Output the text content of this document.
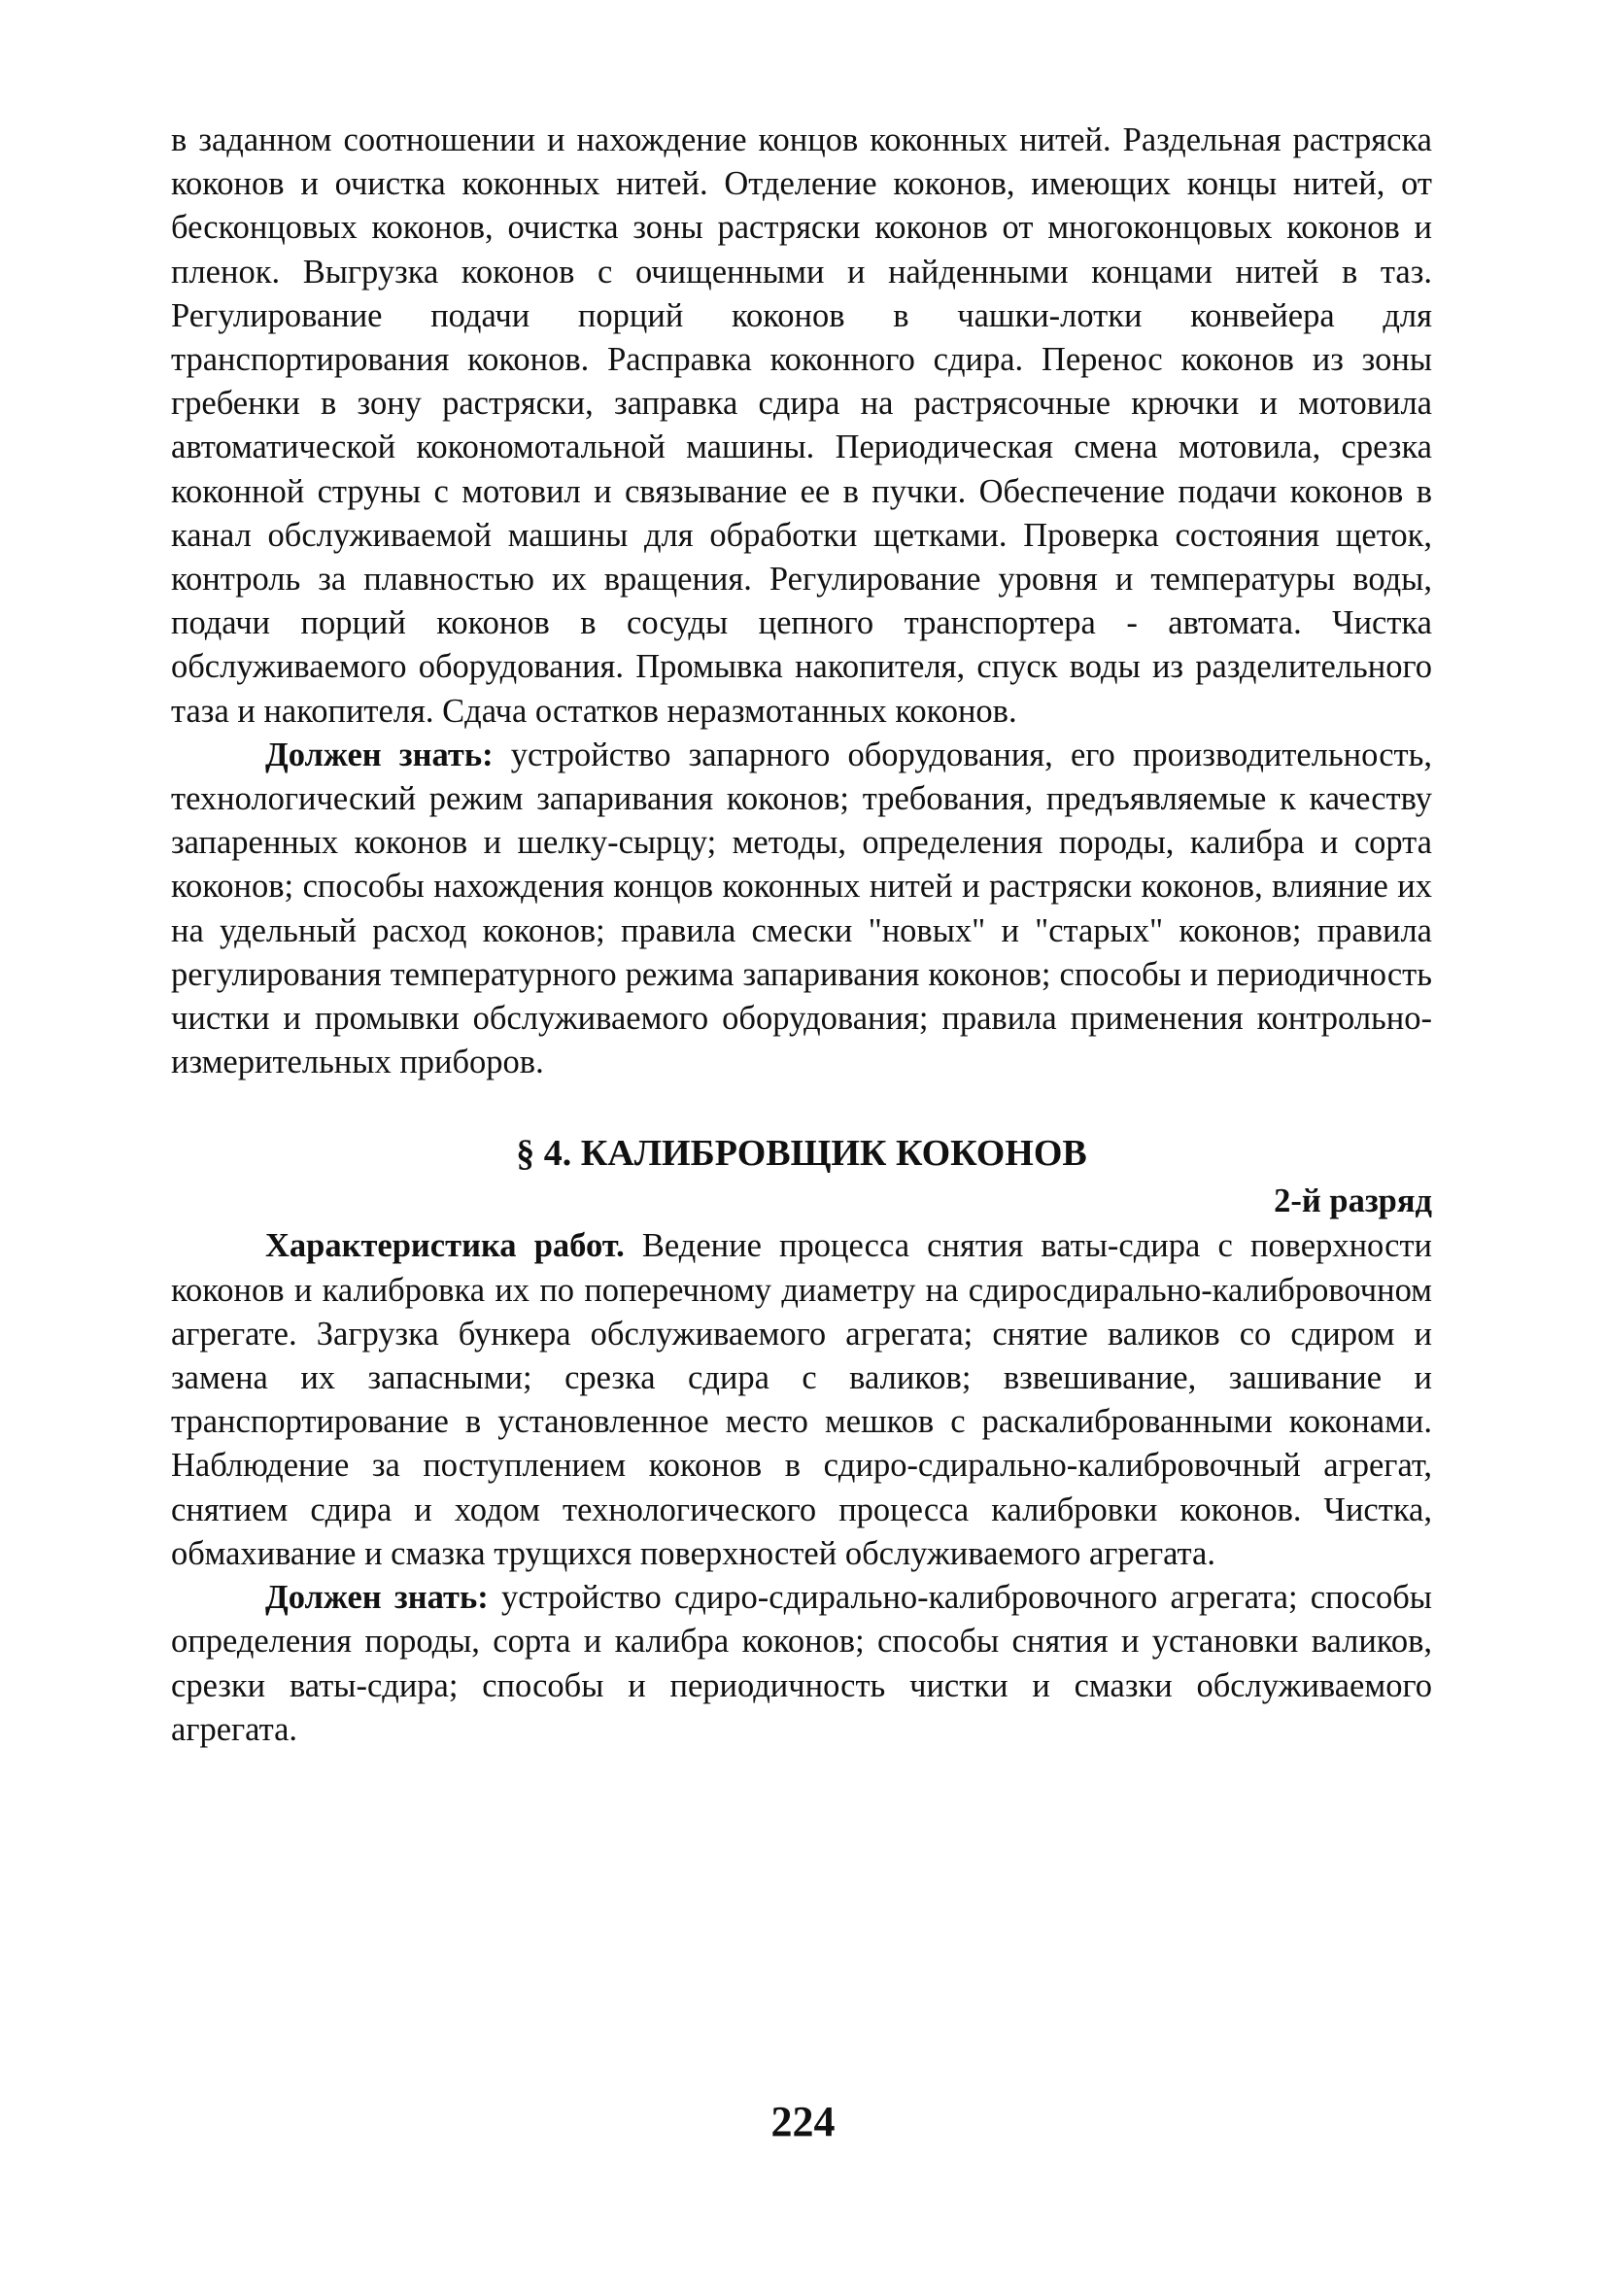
в заданном соотношении и нахождение концов коконных нитей. Раздельная растряска коконов и очистка коконных нитей. Отделение коконов, имеющих концы нитей, от бесконцовых коконов, очистка зоны растряски коконов от многоконцовых коконов и пленок. Выгрузка коконов с очищенными и найденными концами нитей в таз. Регулирование подачи порций коконов в чашки-лотки конвейера для транспортирования коконов. Расправка коконного сдира. Перенос коконов из зоны гребенки в зону растряски, заправка сдира на растрясочные крючки и мотовила автоматической кокономотальной машины. Периодическая смена мотовила, срезка коконной струны с мотовил и связывание ее в пучки. Обеспечение подачи коконов в канал обслуживаемой машины для обработки щетками. Проверка состояния щеток, контроль за плавностью их вращения. Регулирование уровня и температуры воды, подачи порций коконов в сосуды цепного транспортера - автомата. Чистка обслуживаемого оборудования. Промывка накопителя, спуск воды из разделительного таза и накопителя. Сдача остатков неразмотанных коконов.

Должен знать: устройство запарного оборудования, его производительность, технологический режим запаривания коконов; требования, предъявляемые к качеству запаренных коконов и шелку-сырцу; методы, определения породы, калибра и сорта коконов; способы нахождения концов коконных нитей и растряски коконов, влияние их на удельный расход коконов; правила смески "новых" и "старых" коконов; правила регулирования температурного режима запаривания коконов; способы и периодичность чистки и промывки обслуживаемого оборудования; правила применения контрольно-измерительных приборов.

§ 4. КАЛИБРОВЩИК КОКОНОВ

2-й разряд

Характеристика работ. Ведение процесса снятия ваты-сдира с поверхности коконов и калибровка их по поперечному диаметру на сдиросдирально-калибровочном агрегате. Загрузка бункера обслуживаемого агрегата; снятие валиков со сдиром и замена их запасными; срезка сдира с валиков; взвешивание, зашивание и транспортирование в установленное место мешков с раскалиброванными коконами. Наблюдение за поступлением коконов в сдиро-сдирально-калибровочный агрегат, снятием сдира и ходом технологического процесса калибровки коконов. Чистка, обмахивание и смазка трущихся поверхностей обслуживаемого агрегата.

Должен знать: устройство сдиро-сдирально-калибровочного агрегата; способы определения породы, сорта и калибра коконов; способы снятия и установки валиков, срезки ваты-сдира; способы и периодичность чистки и смазки обслуживаемого агрегата.

224
